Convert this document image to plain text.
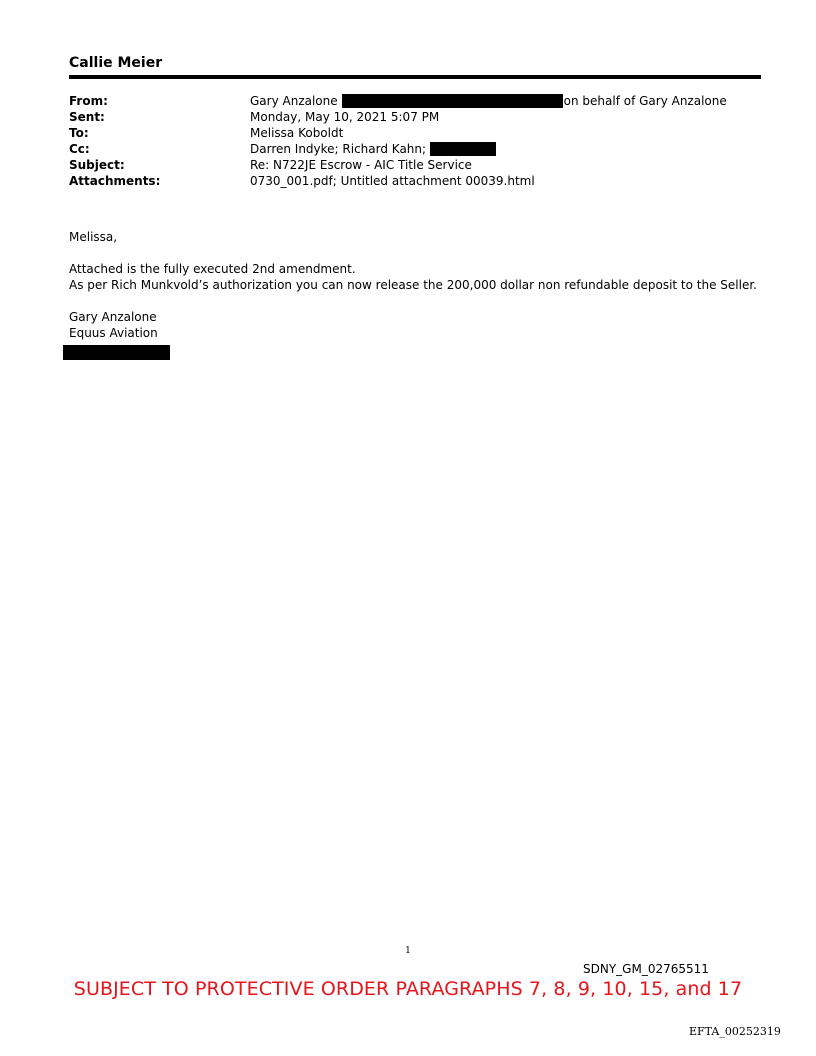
Callie Meier
From:	Gary Anzalone	on behalf of Gary Anzalone
Sent:	Monday, May 10, 2021 5:07 PM
To:	Melissa Koboldt
Cc:	Darren Indyke; Richard Kahn;
Subject:	Re: N722JE Escrow - AIC Title Service
Attachments:	0730_001.pdf; Untitled attachment 00039.html
Melissa,
Attached is the fully executed 2nd amendment.
As per Rich Munkvold’s authorization you can now release the 200,000 dollar non refundable deposit to the Seller.
Gary Anzalone
Equus Aviation
1
SDNY_GM_02765511
SUBJECT TO PROTECTIVE ORDER PARAGRAPHS 7, 8, 9, 10, 15, and 17
EFTA_00252319
